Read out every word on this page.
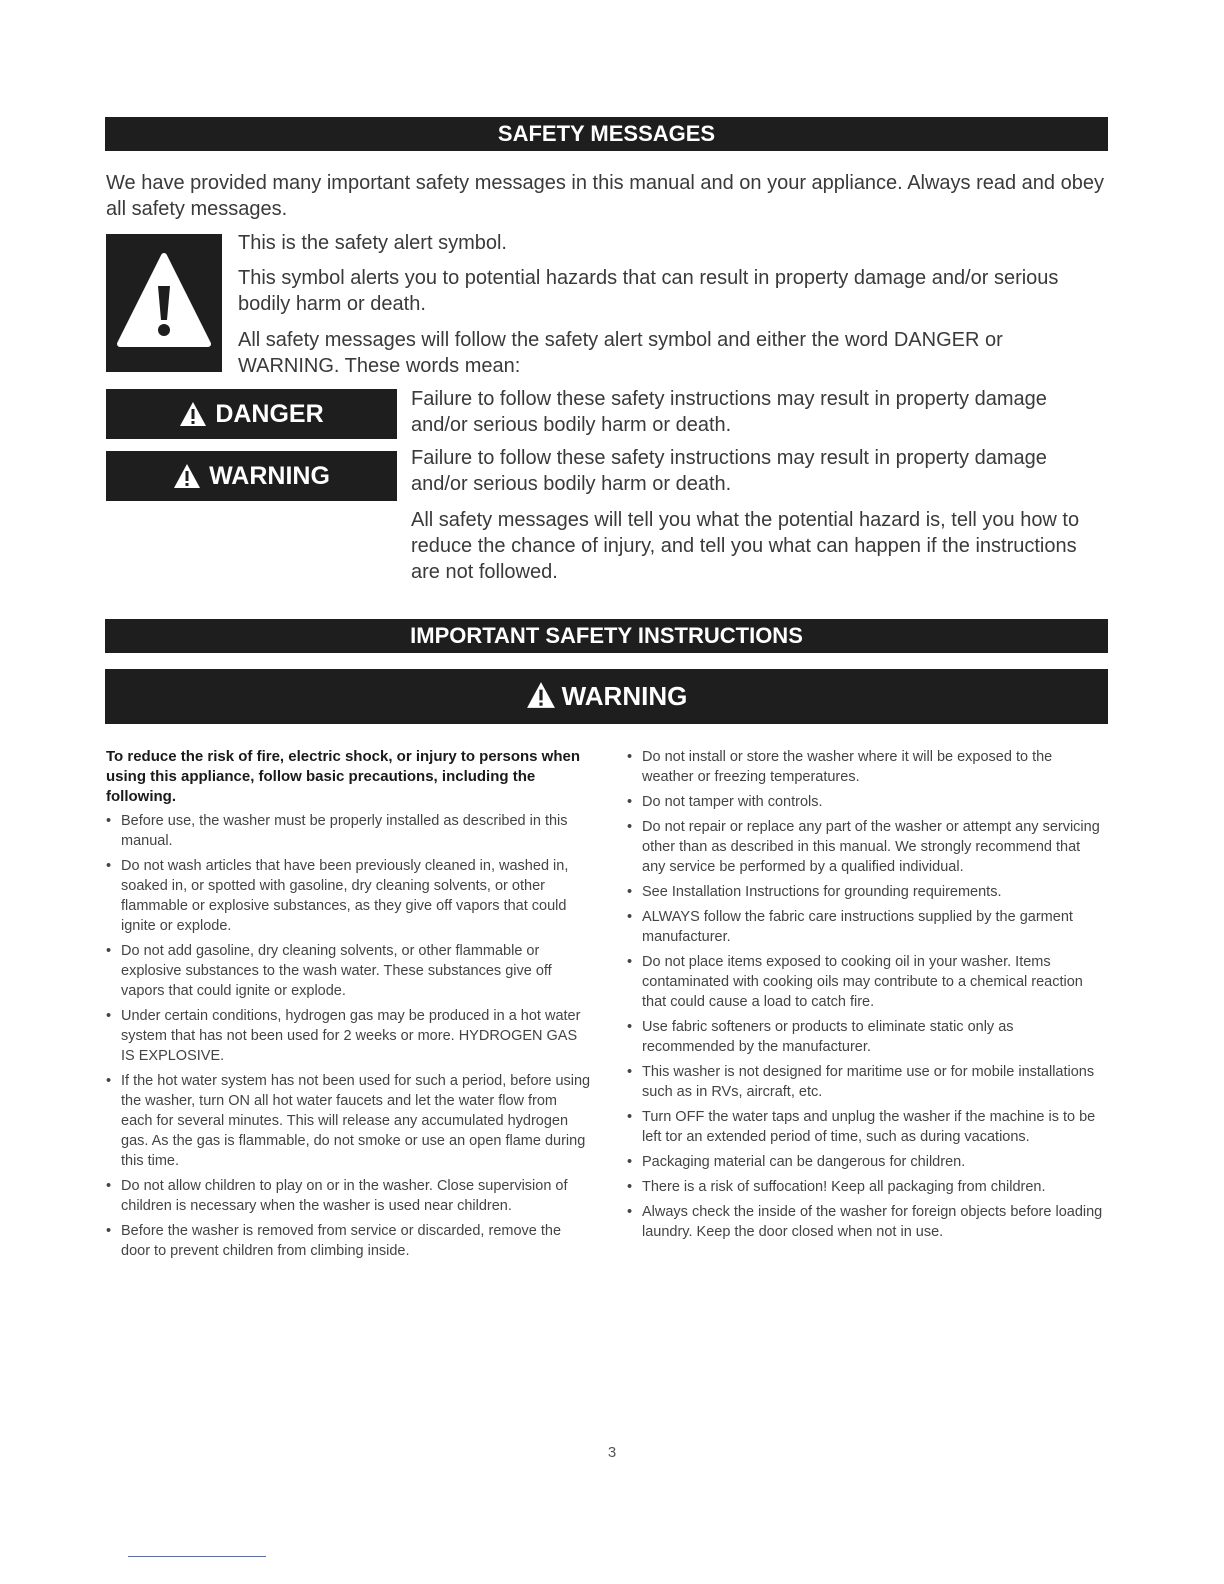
SAFETY MESSAGES

We have provided many important safety messages in this manual and on your appliance. Always read and obey all safety messages.

This is the safety alert symbol.

This symbol alerts you to potential hazards that can result in property damage and/or serious bodily harm or death.

All safety messages will follow the safety alert symbol and either the word DANGER or WARNING. These words mean:

DANGER

Failure to follow these safety instructions may result in property damage and/or serious bodily harm or death.

WARNING

Failure to follow these safety instructions may result in property damage and/or serious bodily harm or death.

All safety messages will tell you what the potential hazard is, tell you how to reduce the chance of injury, and tell you what can happen if the instructions are not followed.

IMPORTANT SAFETY INSTRUCTIONS
WARNING

To reduce the risk of fire, electric shock, or injury to persons when using this appliance, follow basic precautions, including the following.

• Before use, the washer must be properly installed as described in this manual.
• Do not wash articles that have been previously cleaned in, washed in, soaked in, or spotted with gasoline, dry cleaning solvents, or other flammable or explosive substances, as they give off vapors that could ignite or explode.
• Do not add gasoline, dry cleaning solvents, or other flammable or explosive substances to the wash water. These substances give off vapors that could ignite or explode.
• Under certain conditions, hydrogen gas may be produced in a hot water system that has not been used for 2 weeks or more. HYDROGEN GAS IS EXPLOSIVE.
• If the hot water system has not been used for such a period, before using the washer, turn ON all hot water faucets and let the water flow from each for several minutes. This will release any accumulated hydrogen gas. As the gas is flammable, do not smoke or use an open flame during this time.
• Do not allow children to play on or in the washer. Close supervision of children is necessary when the washer is used near children.
• Before the washer is removed from service or discarded, remove the door to prevent children from climbing inside.
• Do not install or store the washer where it will be exposed to the weather or freezing temperatures.
• Do not tamper with controls.
• Do not repair or replace any part of the washer or attempt any servicing other than as described in this manual. We strongly recommend that any service be performed by a qualified individual.
• See Installation Instructions for grounding requirements.
• ALWAYS follow the fabric care instructions supplied by the garment manufacturer.
• Do not place items exposed to cooking oil in your washer. Items contaminated with cooking oils may contribute to a chemical reaction that could cause a load to catch fire.
• Use fabric softeners or products to eliminate static only as recommended by the manufacturer.
• This washer is not designed for maritime use or for mobile installations such as in RVs, aircraft, etc.
• Turn OFF the water taps and unplug the washer if the machine is to be left tor an extended period of time, such as during vacations.
• Packaging material can be dangerous for children.
• There is a risk of suffocation! Keep all packaging from children.
• Always check the inside of the washer for foreign objects before loading laundry. Keep the door closed when not in use.
3
